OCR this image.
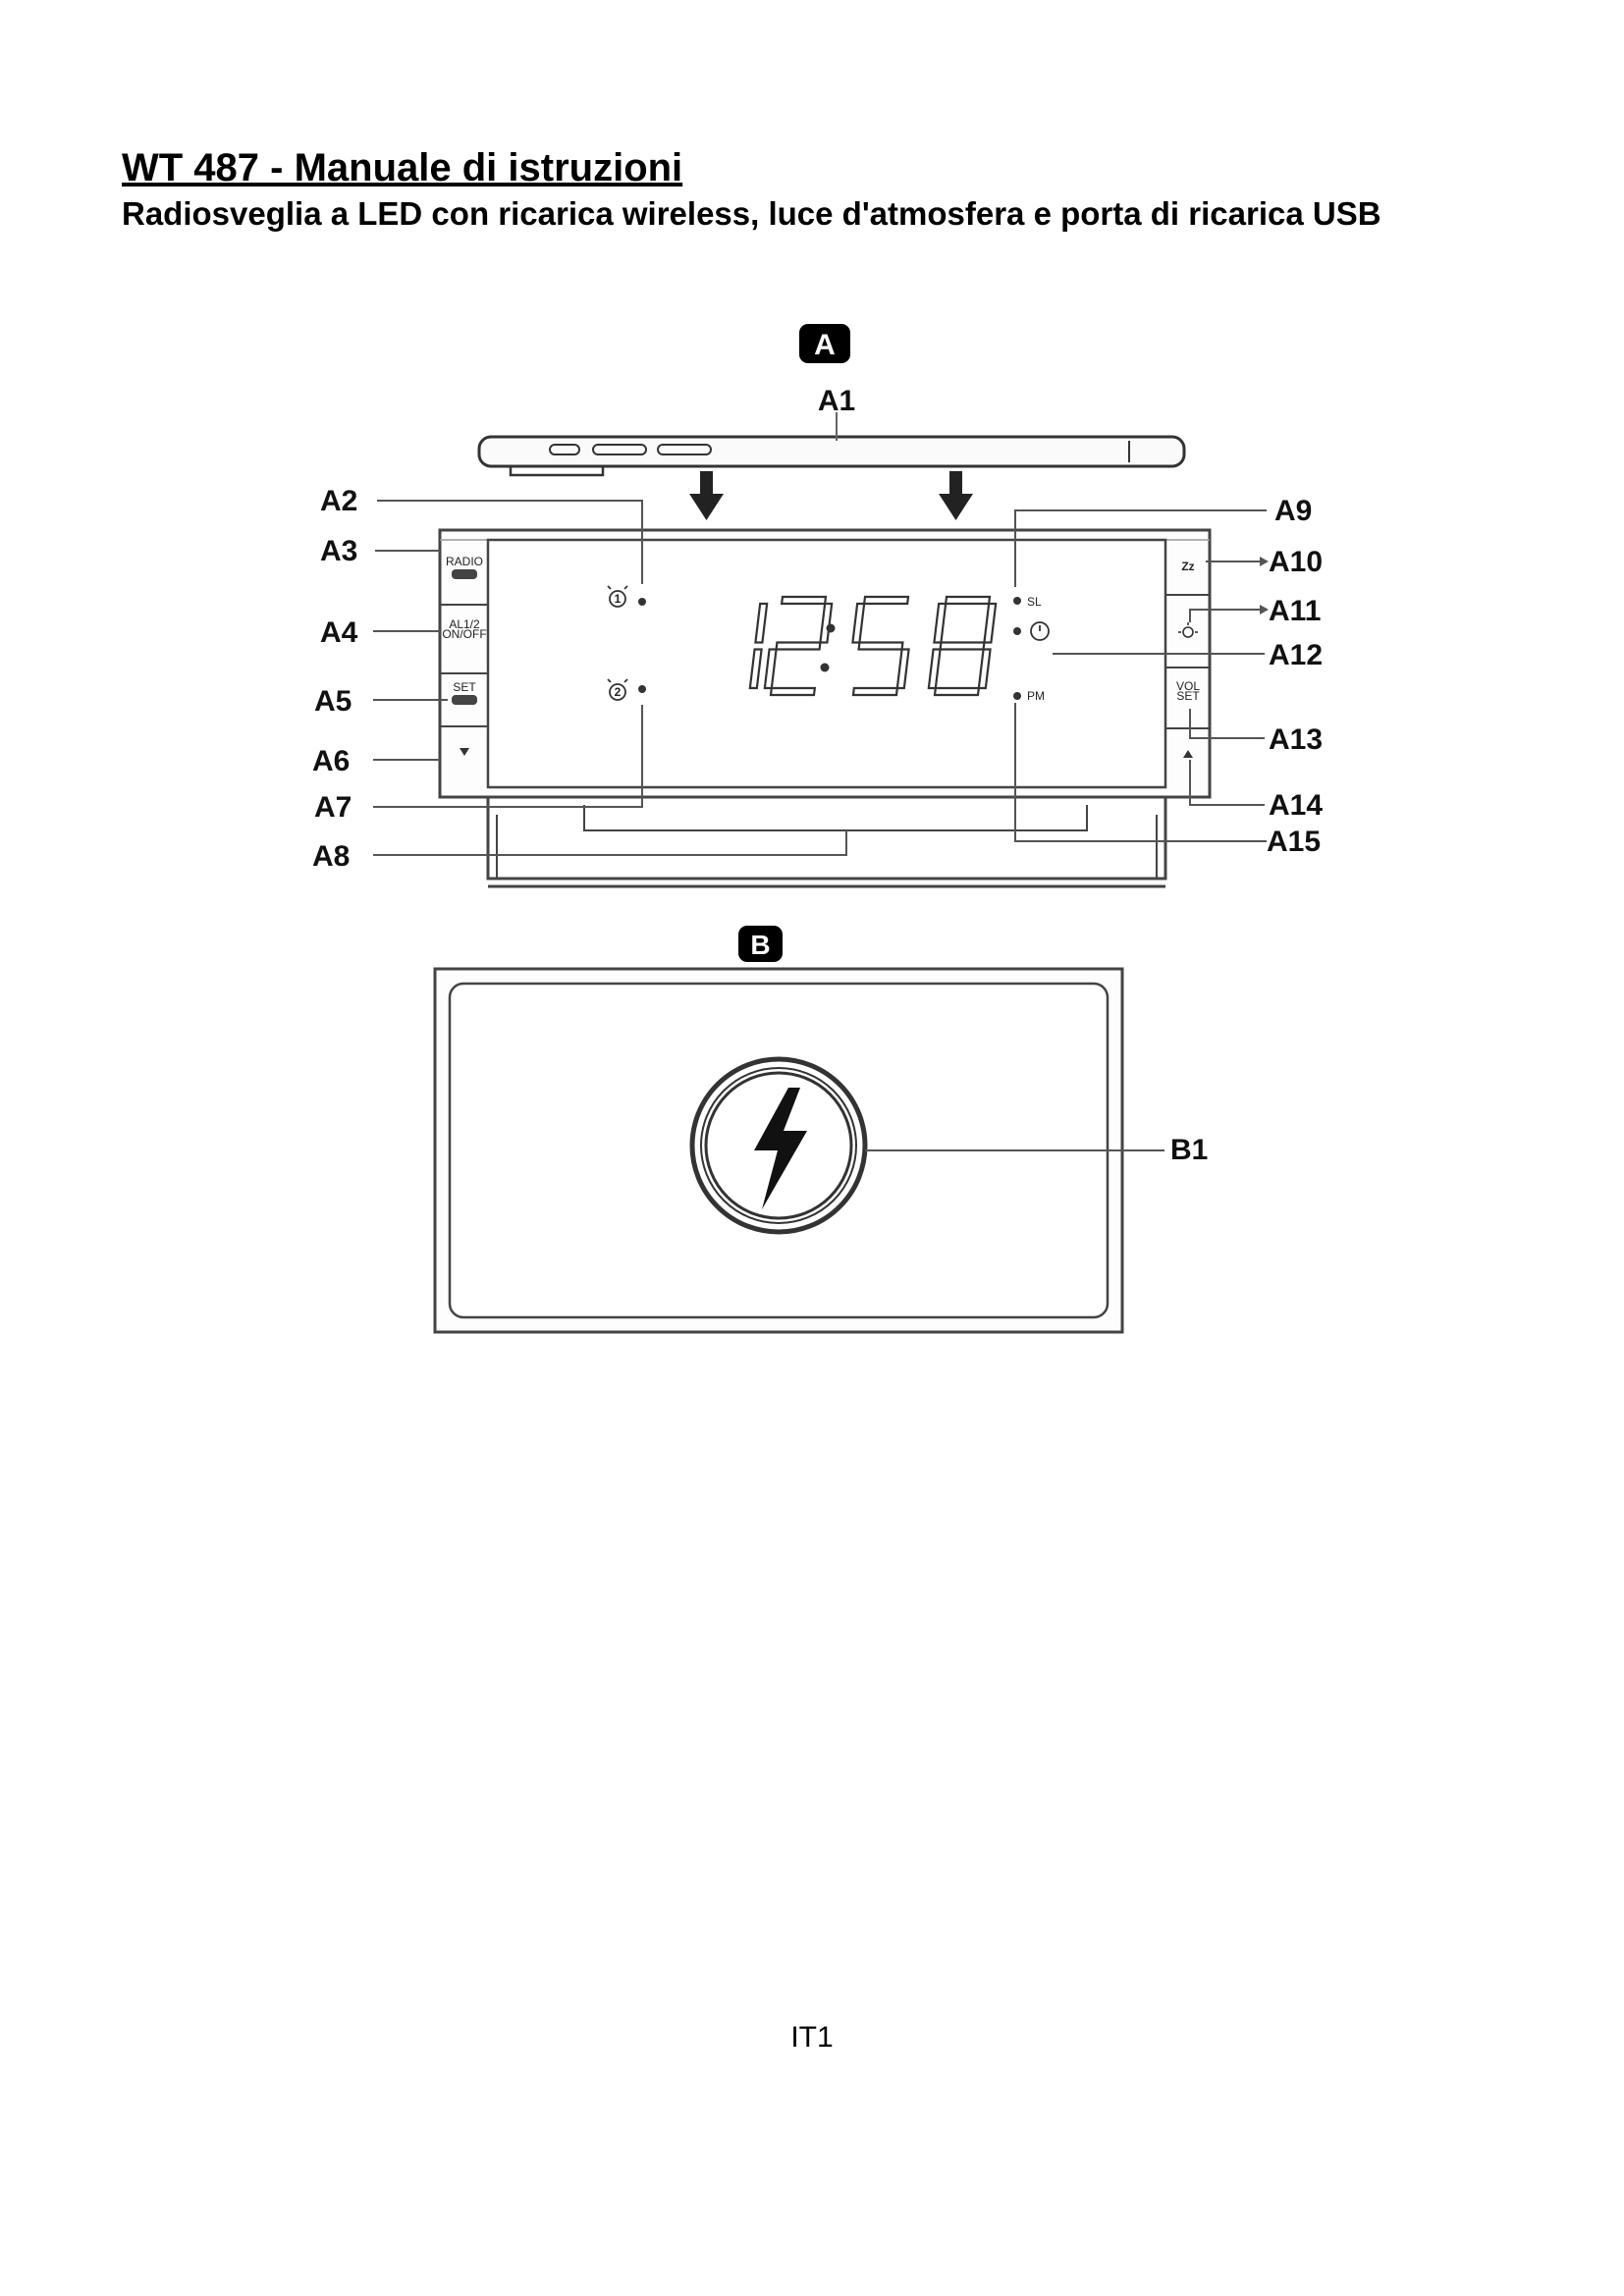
WT 487 - Manuale di istruzioni

Radiosveglia a LED con ricarica wireless, luce d'atmosfera e porta di ricarica USB

A
A1
RADIO
AL1/2
ON/OFF
SET
Zz
VOL
SET
1
2
SL
PM
A2
A3
A4
A5
A6
A7
A8
A9
A10
A11
A12
A13
A14
A15
B
B1
IT1
